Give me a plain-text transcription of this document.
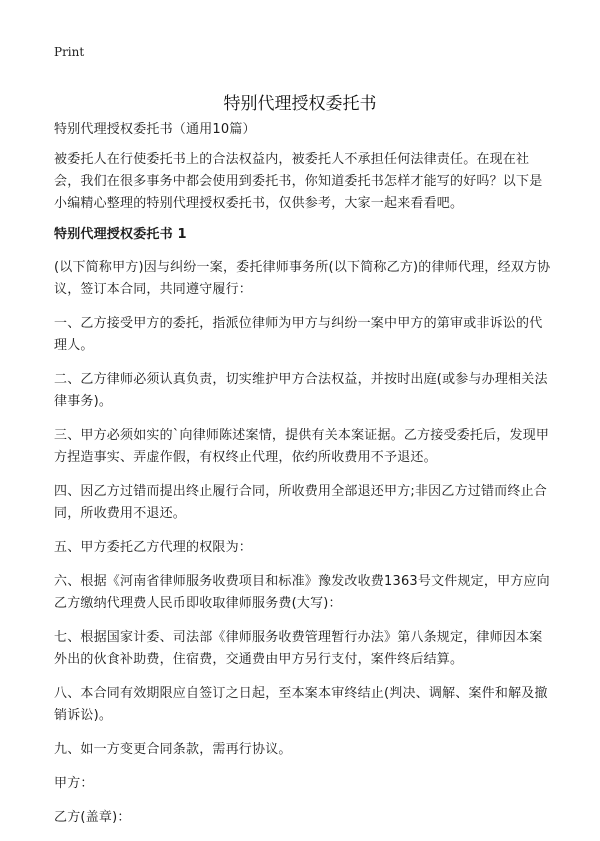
Print
特别代理授权委托书

特别代理授权委托书（通用10篇）

被委托人在行使委托书上的合法权益内，被委托人不承担任何法律责任。在现在社会，我们在很多事务中都会使用到委托书，你知道委托书怎样才能写的好吗？以下是小编精心整理的特别代理授权委托书，仅供参考，大家一起来看看吧。

特别代理授权委托书 1

(以下简称甲方)因与纠纷一案，委托律师事务所(以下简称乙方)的律师代理，经双方协议，签订本合同，共同遵守履行：

一、乙方接受甲方的委托，指派位律师为甲方与纠纷一案中甲方的第审或非诉讼的代理人。

二、乙方律师必须认真负责，切实维护甲方合法权益，并按时出庭(或参与办理相关法律事务)。

三、甲方必须如实的`向律师陈述案情，提供有关本案证据。乙方接受委托后，发现甲方捏造事实、弄虚作假，有权终止代理，依约所收费用不予退还。

四、因乙方过错而提出终止履行合同，所收费用全部退还甲方;非因乙方过错而终止合同，所收费用不退还。

五、甲方委托乙方代理的权限为：

六、根据《河南省律师服务收费项目和标准》豫发改收费1363号文件规定，甲方应向乙方缴纳代理费人民币即收取律师服务费(大写)：

七、根据国家计委、司法部《律师服务收费管理暂行办法》第八条规定，律师因本案外出的伙食补助费，住宿费，交通费由甲方另行支付，案件终后结算。

八、本合同有效期限应自签订之日起，至本案本审终结止(判决、调解、案件和解及撤销诉讼)。

九、如一方变更合同条款，需再行协议。

甲方：

乙方(盖章)：
